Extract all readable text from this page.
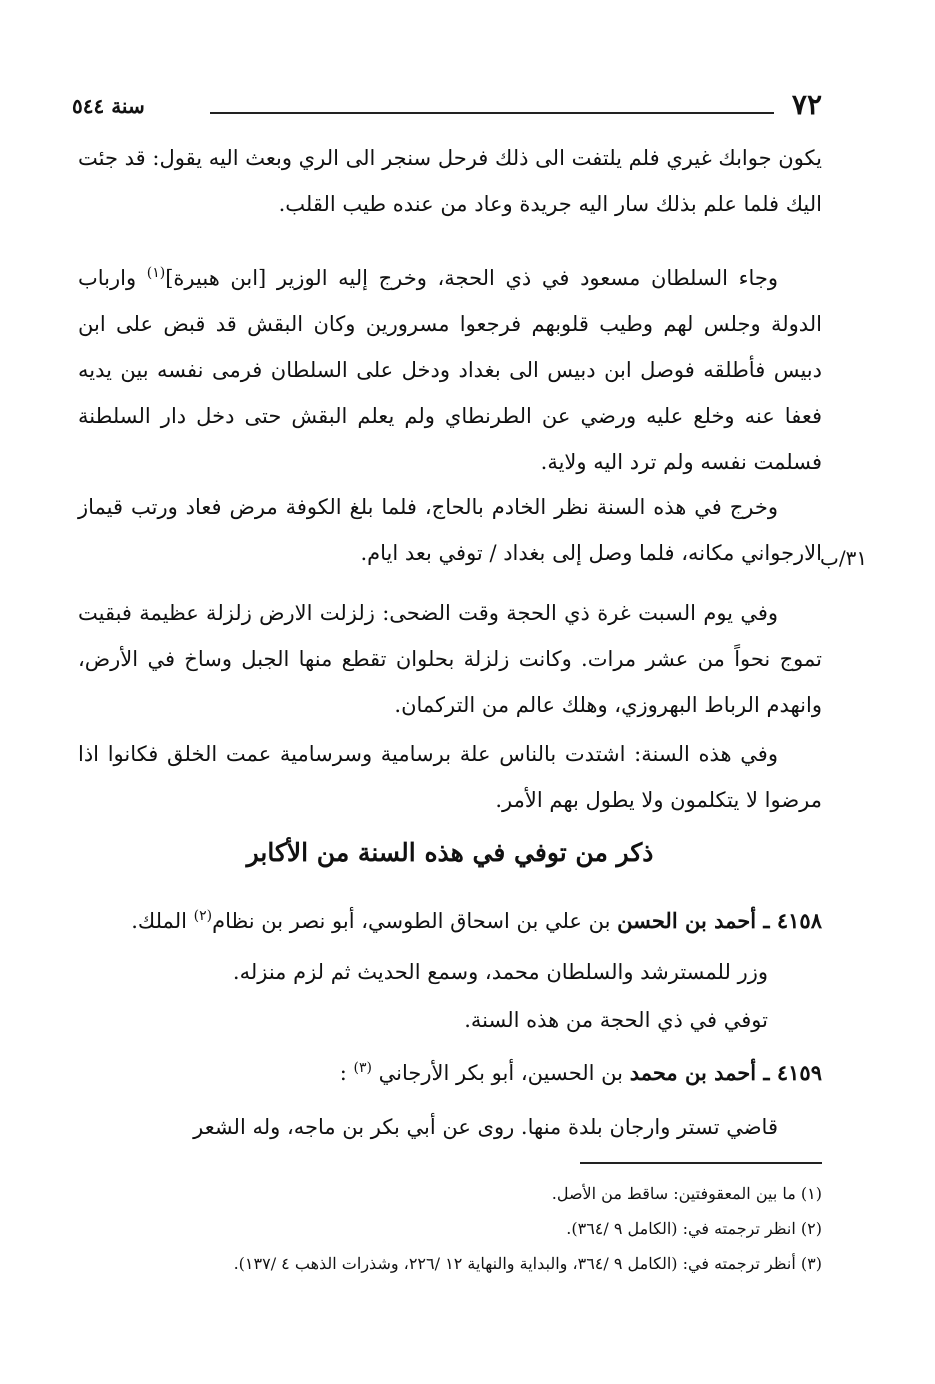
٧٢
سنة ٥٤٤

يكون جوابك غيري فلم يلتفت الى ذلك فرحل سنجر الى الري وبعث اليه يقول: قد جئت اليك فلما علم بذلك سار اليه جريدة وعاد من عنده طيب القلب.

وجاء السلطان مسعود في ذي الحجة، وخرج إليه الوزير [ابن هبيرة]$^{(١)}$ وارباب الدولة وجلس لهم وطيب قلوبهم فرجعوا مسرورين وكان البقش قد قبض على ابن دبيس فأطلقه فوصل ابن دبيس الى بغداد ودخل على السلطان فرمى نفسه بين يديه فعفا عنه وخلع عليه ورضي عن الطرنطاي ولم يعلم البقش حتى دخل دار السلطنة فسلمت نفسه ولم ترد اليه ولاية.

وخرج في هذه السنة نظر الخادم بالحاج، فلما بلغ الكوفة مرض فعاد ورتب قيماز الارجواني مكانه، فلما وصل إلى بغداد / توفي بعد ايام.

٣١/ب

وفي يوم السبت غرة ذي الحجة وقت الضحى: زلزلت الارض زلزلة عظيمة فبقيت تموج نحواً من عشر مرات. وكانت زلزلة بحلوان تقطع منها الجبل وساخ في الأرض، وانهدم الرباط البهروزي، وهلك عالم من التركمان.

وفي هذه السنة: اشتدت بالناس علة برسامية وسرسامية عمت الخلق فكانوا اذا مرضوا لا يتكلمون ولا يطول بهم الأمر.

ذكر من توفي في هذه السنة من الأكابر
٤١٥٨ ـ أحمد بن الحسن بن علي بن اسحاق الطوسي، أبو نصر بن نظام$^{(٢)}$ الملك.
وزر للمسترشد والسلطان محمد، وسمع الحديث ثم لزم منزله.
توفي في ذي الحجة من هذه السنة.
٤١٥٩ ـ أحمد بن محمد بن الحسين، أبو بكر الأرجاني $^{(٣)}$ :
قاضي تستر وارجان بلدة منها. روى عن أبي بكر بن ماجه، وله الشعر
(١) ما بين المعقوفتين: ساقط من الأصل.
(٢) انظر ترجمته في: (الكامل ٩ /٣٦٤).
(٣) أنظر ترجمته في: (الكامل ٩ /٣٦٤، والبداية والنهاية ١٢ /٢٢٦، وشذرات الذهب ٤ /١٣٧).
